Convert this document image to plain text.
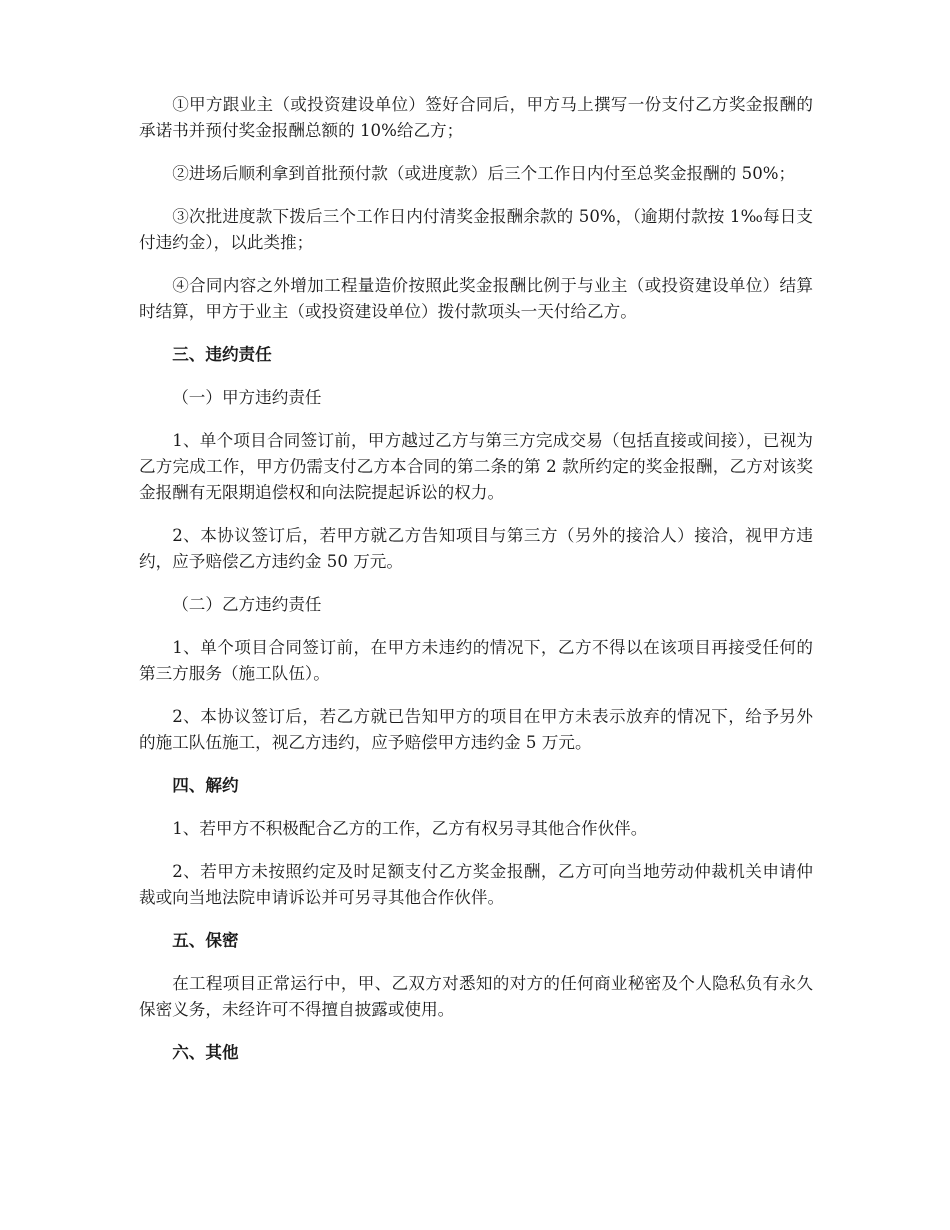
①甲方跟业主（或投资建设单位）签好合同后，甲方马上撰写一份支付乙方奖金报酬的承诺书并预付奖金报酬总额的 10%给乙方；

②进场后顺利拿到首批预付款（或进度款）后三个工作日内付至总奖金报酬的 50%；

③次批进度款下拨后三个工作日内付清奖金报酬余款的 50%，（逾期付款按 1‰每日支付违约金），以此类推；

④合同内容之外增加工程量造价按照此奖金报酬比例于与业主（或投资建设单位）结算时结算，甲方于业主（或投资建设单位）拨付款项头一天付给乙方。

三、违约责任

（一）甲方违约责任

1、单个项目合同签订前，甲方越过乙方与第三方完成交易（包括直接或间接），已视为乙方完成工作，甲方仍需支付乙方本合同的第二条的第 2 款所约定的奖金报酬，乙方对该奖金报酬有无限期追偿权和向法院提起诉讼的权力。

2、本协议签订后，若甲方就乙方告知项目与第三方（另外的接洽人）接洽，视甲方违约，应予赔偿乙方违约金 50 万元。

（二）乙方违约责任

1、单个项目合同签订前，在甲方未违约的情况下，乙方不得以在该项目再接受任何的第三方服务（施工队伍）。

2、本协议签订后，若乙方就已告知甲方的项目在甲方未表示放弃的情况下，给予另外的施工队伍施工，视乙方违约，应予赔偿甲方违约金 5 万元。

四、解约

1、若甲方不积极配合乙方的工作，乙方有权另寻其他合作伙伴。

2、若甲方未按照约定及时足额支付乙方奖金报酬，乙方可向当地劳动仲裁机关申请仲裁或向当地法院申请诉讼并可另寻其他合作伙伴。

五、保密

在工程项目正常运行中，甲、乙双方对悉知的对方的任何商业秘密及个人隐私负有永久保密义务，未经许可不得擅自披露或使用。

六、其他
